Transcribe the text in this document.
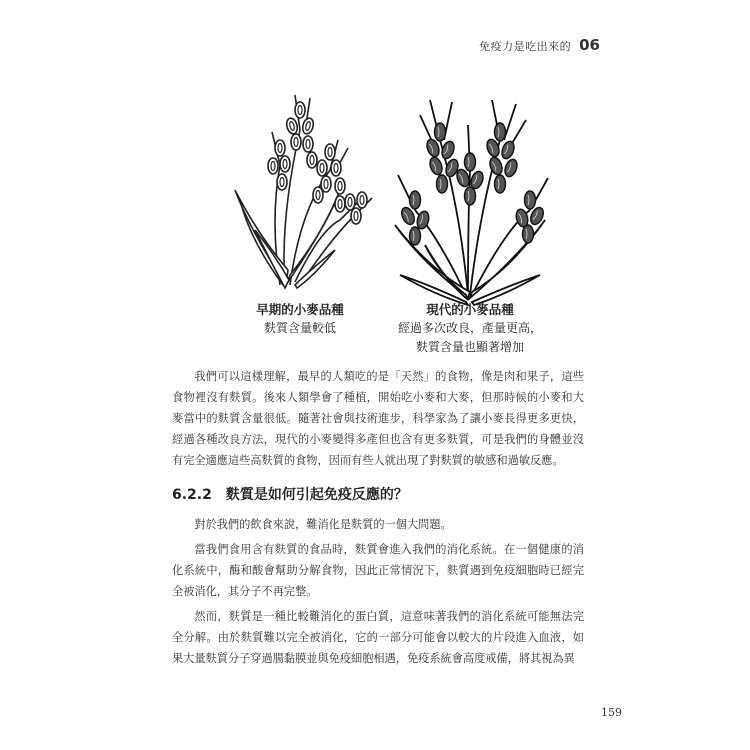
免疫力是吃出來的 06
早期的小麥品種
麩質含量較低
現代的小麥品種
經過多次改良，產量更高，
麩質含量也顯著增加

我們可以這樣理解，最早的人類吃的是「天然」的食物，像是肉和果子，這些食物裡沒有麩質。後來人類學會了種植，開始吃小麥和大麥，但那時候的小麥和大麥當中的麩質含量很低。隨著社會與技術進步，科學家為了讓小麥長得更多更快，經過各種改良方法，現代的小麥變得多產但也含有更多麩質，可是我們的身體並沒有完全適應這些高麩質的食物，因而有些人就出現了對麩質的敏感和過敏反應。

6.2.2 麩質是如何引起免疫反應的？

對於我們的飲食來說，難消化是麩質的一個大問題。

當我們食用含有麩質的食品時，麩質會進入我們的消化系統。在一個健康的消化系統中，酶和酸會幫助分解食物，因此正常情況下，麩質遇到免疫細胞時已經完全被消化，其分子不再完整。

然而，麩質是一種比較難消化的蛋白質，這意味著我們的消化系統可能無法完全分解。由於麩質難以完全被消化，它的一部分可能會以較大的片段進入血液，如果大量麩質分子穿過腸黏膜並與免疫細胞相遇，免疫系統會高度戒備，將其視為異

159
